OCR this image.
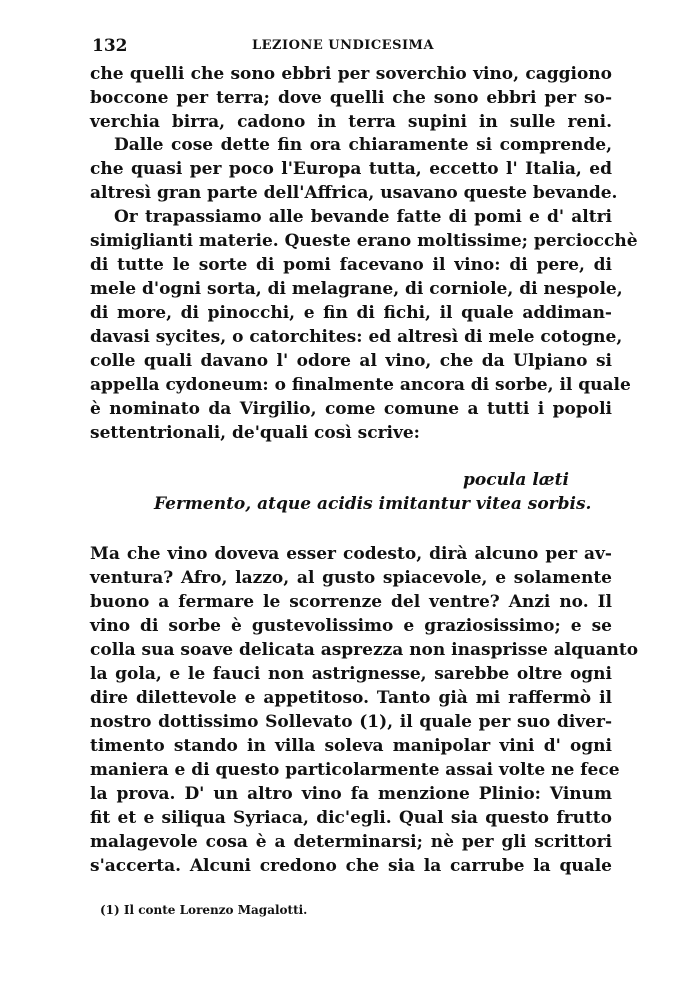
132	LEZIONE UNDICESIMA
che quelli che sono ebbri per soverchio vino, caggiono
boccone per terra; dove quelli che sono ebbri per so-
verchia birra, cadono in terra supini in sulle reni.
Dalle cose dette fin ora chiaramente si comprende,
che quasi per poco l'Europa tutta, eccetto l' Italia, ed
altresì gran parte dell'Affrica, usavano queste bevande.
Or trapassiamo alle bevande fatte di pomi e d' altri
simiglianti materie. Queste erano moltissime; perciocchè
di tutte le sorte di pomi facevano il vino: di pere, di
mele d'ogni sorta, di melagrane, di corniole, di nespole,
di more, di pinocchi, e fin di fichi, il quale addiman-
davasi sycites, o catorchites: ed altresì di mele cotogne,
colle quali davano l' odore al vino, che da Ulpiano si
appella cydoneum: o finalmente ancora di sorbe, il quale
è nominato da Virgilio, come comune a tutti i popoli
settentrionali, de'quali così scrive:
pocula læti
Fermento, atque acidis imitantur vitea sorbis.
Ma che vino doveva esser codesto, dirà alcuno per av-
ventura? Afro, lazzo, al gusto spiacevole, e solamente
buono a fermare le scorrenze del ventre? Anzi no. Il
vino di sorbe è gustevolissimo e graziosissimo; e se
colla sua soave delicata asprezza non inasprisse alquanto
la gola, e le fauci non astrignesse, sarebbe oltre ogni
dire dilettevole e appetitoso. Tanto già mi raffermò il
nostro dottissimo Sollevato (1), il quale per suo diver-
timento stando in villa soleva manipolar vini d' ogni
maniera e di questo particolarmente assai volte ne fece
la prova. D' un altro vino fa menzione Plinio: Vinum
fit et e siliqua Syriaca, dic'egli. Qual sia questo frutto
malagevole cosa è a determinarsi; nè per gli scrittori
s'accerta. Alcuni credono che sia la carrube la quale
(1) Il conte Lorenzo Magalotti.
